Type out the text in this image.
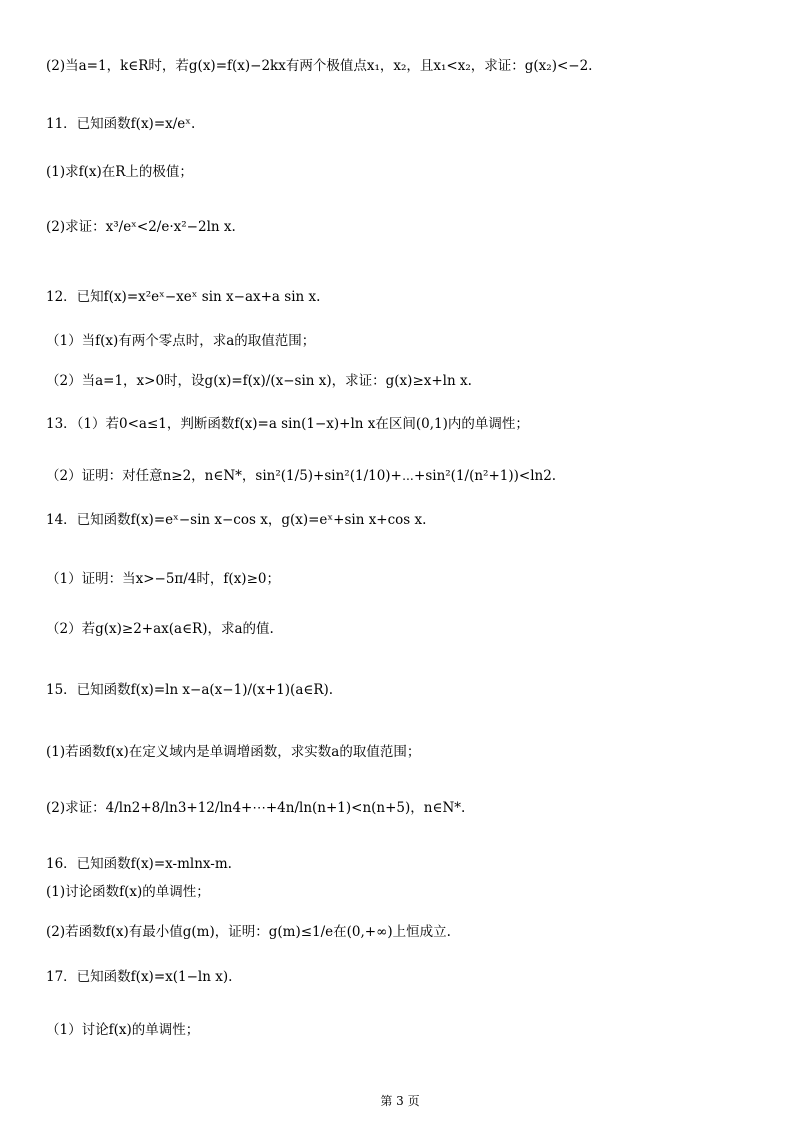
(2)当a=1，k∈R时，若g(x)=f(x)−2kx有两个极值点x₁，x₂，且x₁<x₂，求证：g(x₂)<−2.
11．已知函数f(x)=x/eˣ.
(1)求f(x)在R上的极值；
(2)求证：x³/eˣ<2/e·x²−2ln x.
12．已知f(x)=x²eˣ−xeˣ sin x−ax+a sin x.
（1）当f(x)有两个零点时，求a的取值范围；
（2）当a=1，x>0时，设g(x)=f(x)/(x−sin x)，求证：g(x)≥x+ln x.
13．（1）若0<a≤1，判断函数f(x)=a sin(1−x)+ln x在区间(0,1)内的单调性；
（2）证明：对任意n≥2，n∈N*，sin²(1/5)+sin²(1/10)+⋯+sin²(1/(n²+1))<ln2.
14．已知函数f(x)=eˣ−sin x−cos x，g(x)=eˣ+sin x+cos x.
（1）证明：当x>−5π/4时，f(x)≥0；
（2）若g(x)≥2+ax(a∈R)，求a的值.
15．已知函数f(x)=ln x−a(x−1)/(x+1)(a∈R).
(1)若函数f(x)在定义域内是单调增函数，求实数a的取值范围；
(2)求证：4/ln2+8/ln3+12/ln4+⋯+4n/ln(n+1)<n(n+5)，n∈N*.
16．已知函数f(x)=x-mlnx-m.
(1)讨论函数f(x)的单调性；
(2)若函数f(x)有最小值g(m)，证明：g(m)≤1/e在(0,+∞)上恒成立.
17．已知函数f(x)=x(1−ln x).
（1）讨论f(x)的单调性；
第 3 页
